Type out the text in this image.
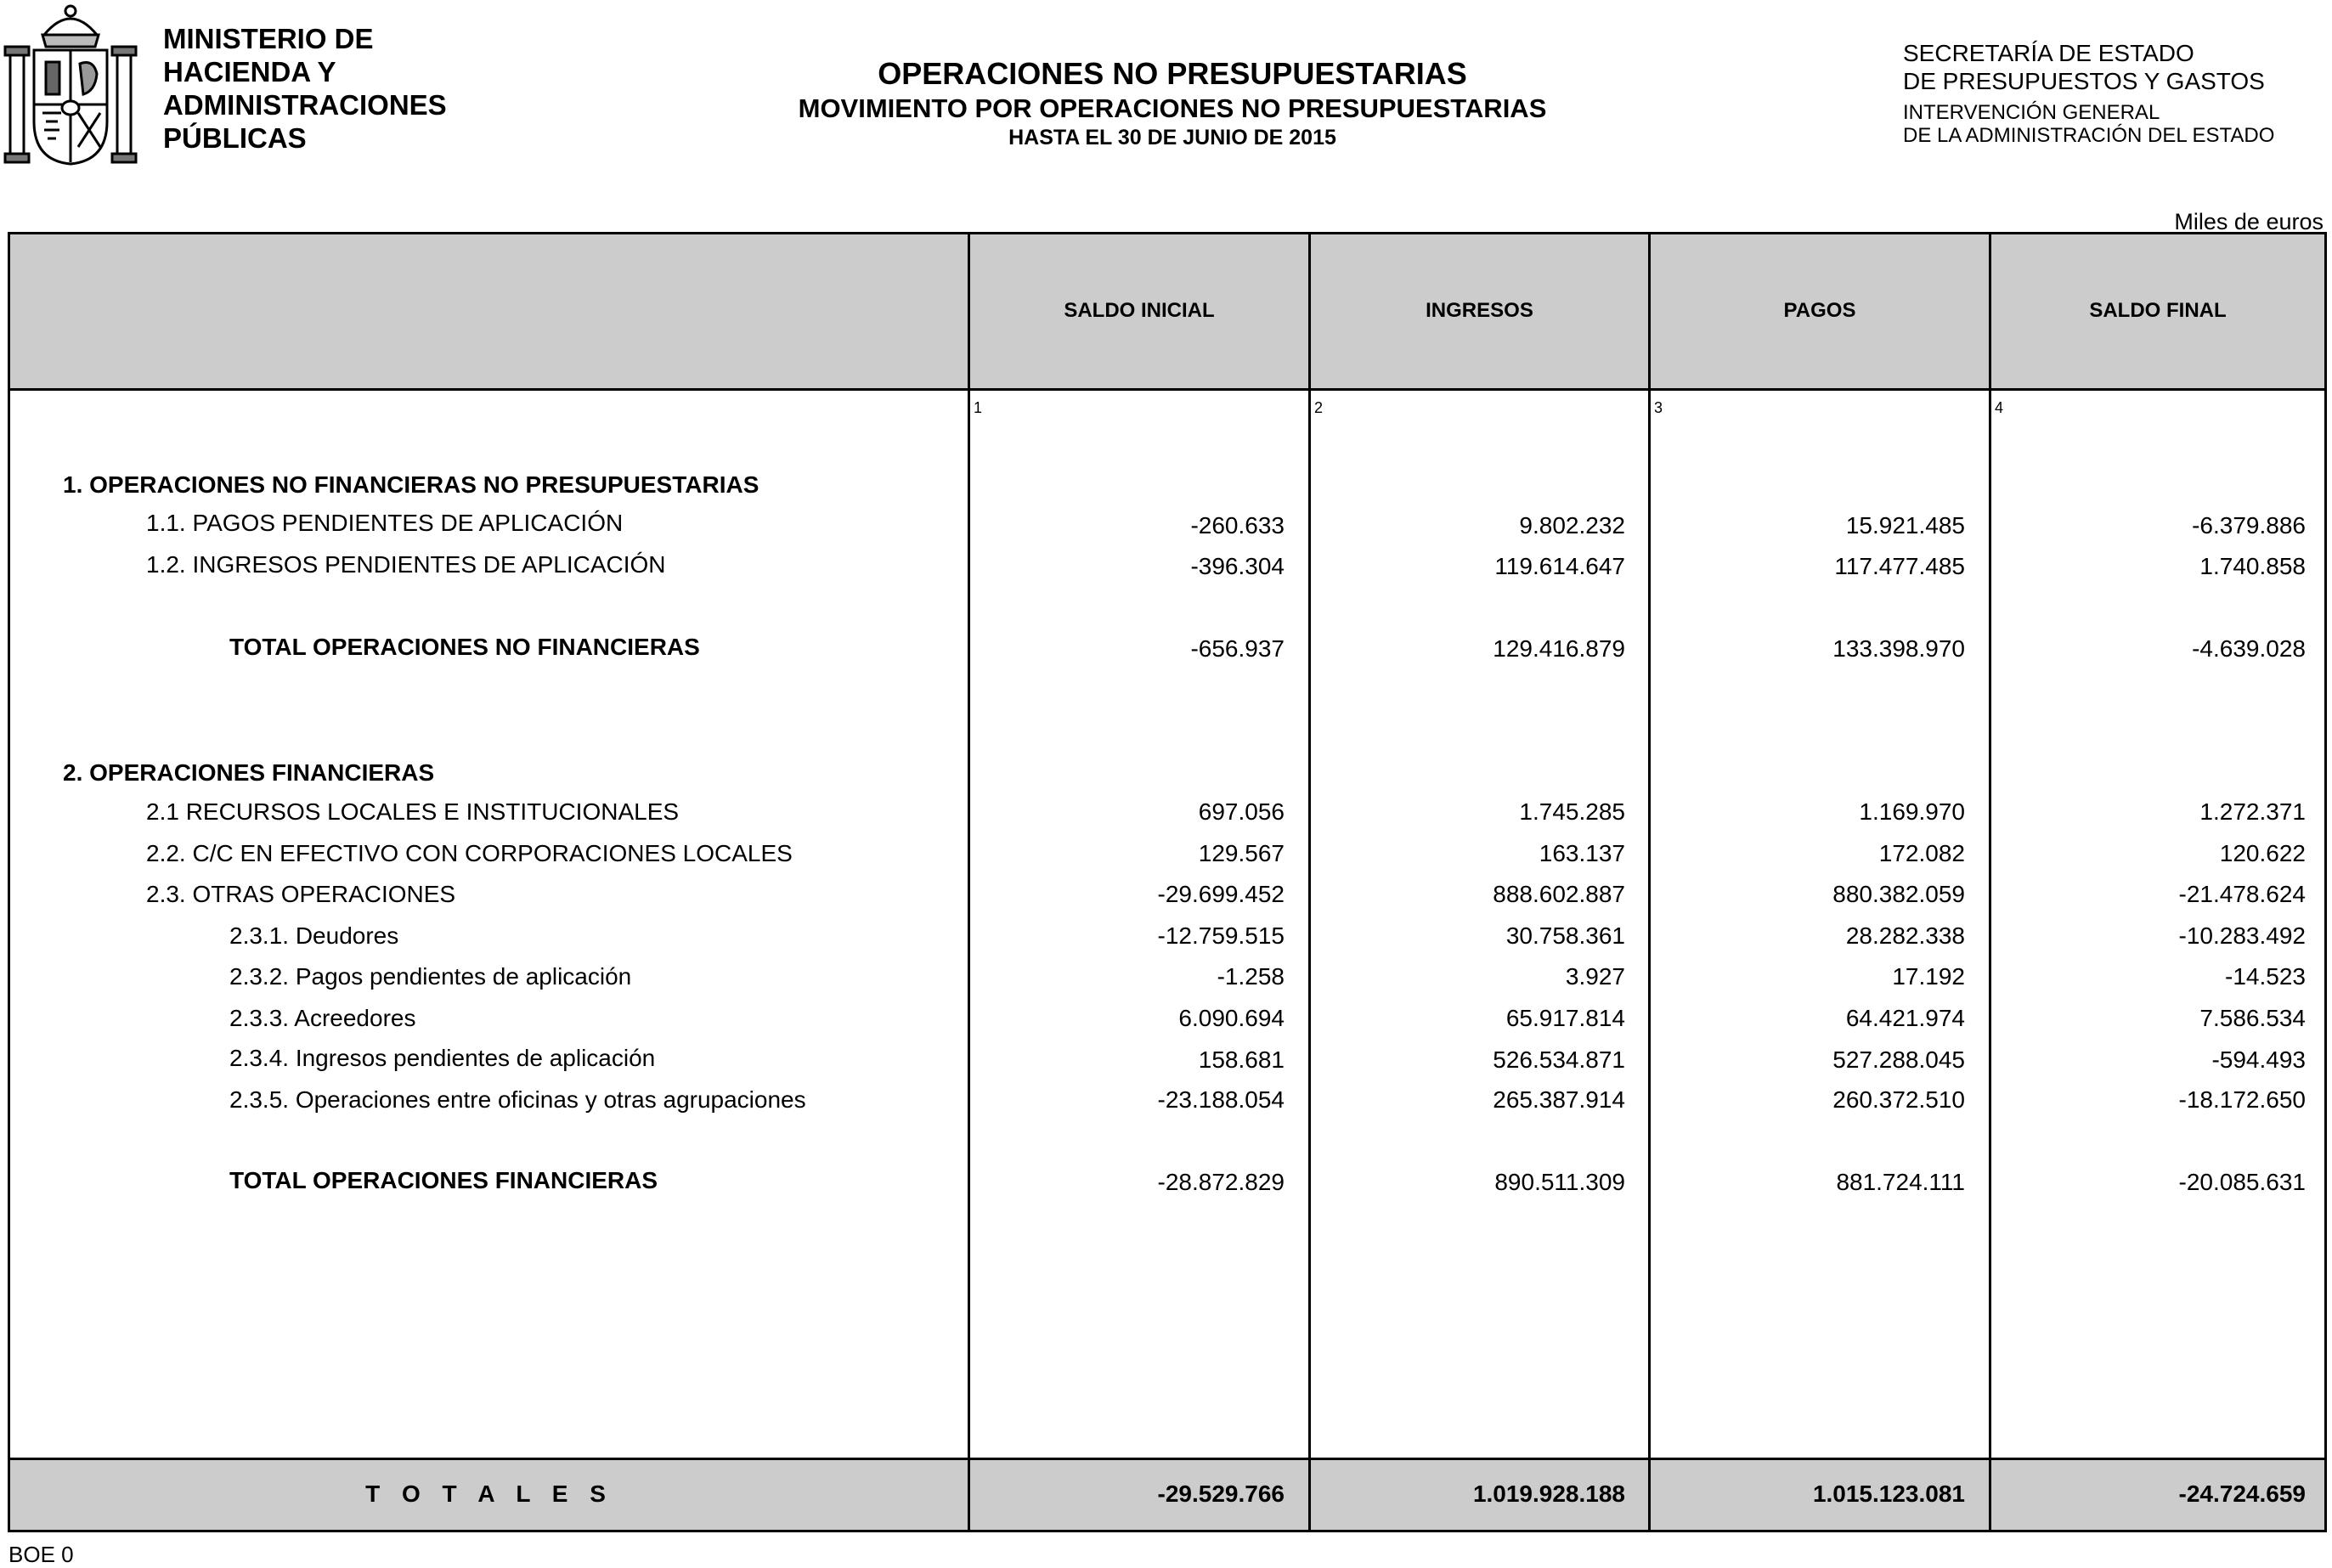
MINISTERIO DE
HACIENDA Y
ADMINISTRACIONES
PÚBLICAS
OPERACIONES NO PRESUPUESTARIAS
MOVIMIENTO POR OPERACIONES NO PRESUPUESTARIAS
HASTA EL 30 DE JUNIO DE 2015
SECRETARÍA DE ESTADO
DE PRESUPUESTOS Y GASTOS
INTERVENCIÓN GENERAL
DE LA ADMINISTRACIÓN DEL ESTADO
Miles de euros
SALDO INICIAL	INGRESOS	PAGOS	SALDO FINAL
1	2	3	4
1. OPERACIONES NO FINANCIERAS NO PRESUPUESTARIAS
1.1. PAGOS PENDIENTES DE APLICACIÓN	-260.633	9.802.232	15.921.485	-6.379.886
1.2. INGRESOS PENDIENTES DE APLICACIÓN	-396.304	119.614.647	117.477.485	1.740.858
TOTAL OPERACIONES NO FINANCIERAS	-656.937	129.416.879	133.398.970	-4.639.028
2. OPERACIONES FINANCIERAS
2.1 RECURSOS LOCALES E INSTITUCIONALES	697.056	1.745.285	1.169.970	1.272.371
2.2. C/C EN EFECTIVO CON CORPORACIONES LOCALES	129.567	163.137	172.082	120.622
2.3. OTRAS OPERACIONES	-29.699.452	888.602.887	880.382.059	-21.478.624
2.3.1. Deudores	-12.759.515	30.758.361	28.282.338	-10.283.492
2.3.2. Pagos pendientes de aplicación	-1.258	3.927	17.192	-14.523
2.3.3. Acreedores	6.090.694	65.917.814	64.421.974	7.586.534
2.3.4. Ingresos pendientes de aplicación	158.681	526.534.871	527.288.045	-594.493
2.3.5. Operaciones entre oficinas y otras agrupaciones	-23.188.054	265.387.914	260.372.510	-18.172.650
TOTAL OPERACIONES FINANCIERAS	-28.872.829	890.511.309	881.724.111	-20.085.631
T O T A L E S	-29.529.766	1.019.928.188	1.015.123.081	-24.724.659
BOE 0
